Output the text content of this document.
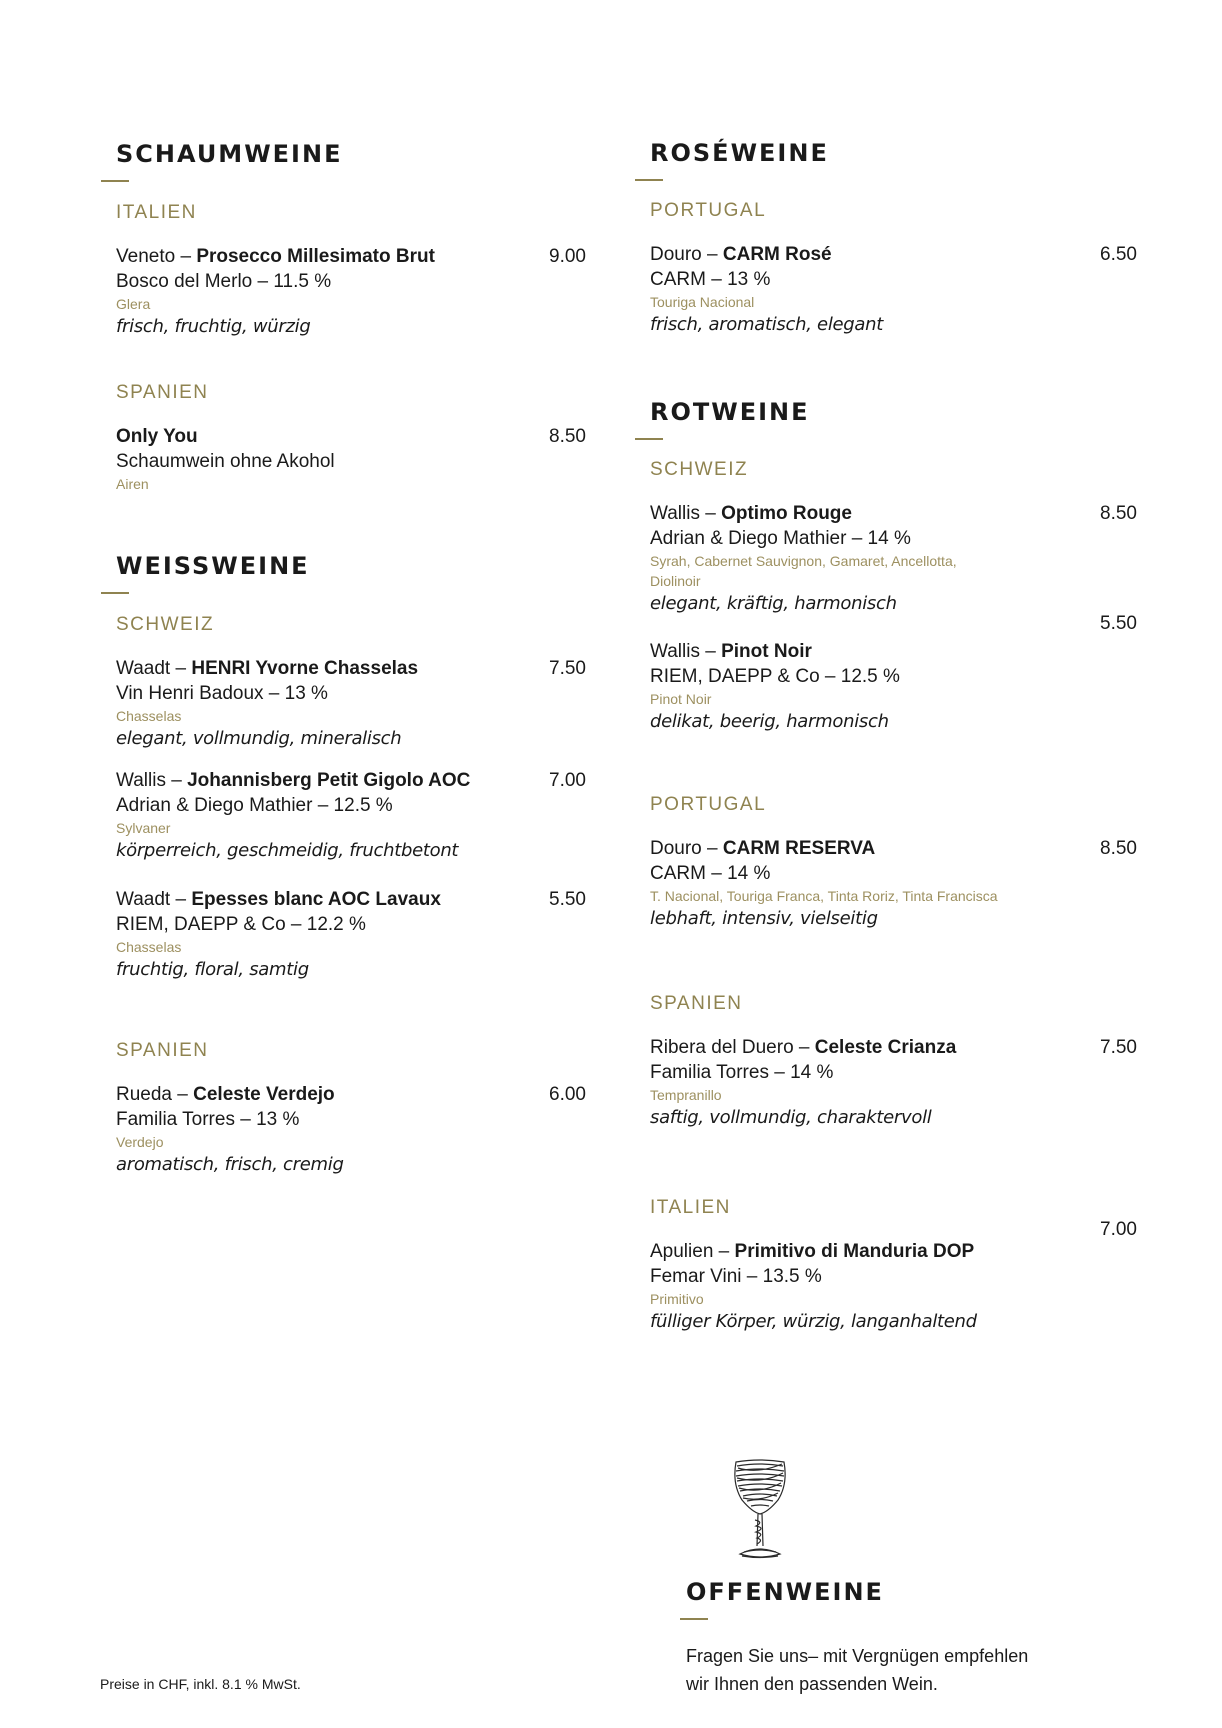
SCHAUMWEINE
ITALIEN
Veneto – Prosecco Millesimato Brut
Bosco del Merlo – 11.5 %
Glera
frisch, fruchtig, würzig
9.00
SPANIEN
Only You
Schaumwein ohne Akohol
Airen
8.50
WEISSWEINE
SCHWEIZ
Waadt – HENRI Yvorne Chasselas
Vin Henri Badoux – 13 %
Chasselas
elegant, vollmundig, mineralisch
7.50
Wallis – Johannisberg Petit Gigolo AOC
Adrian & Diego Mathier – 12.5 %
Sylvaner
körperreich, geschmeidig, fruchtbetont
7.00
Waadt – Epesses blanc AOC Lavaux
RIEM, DAEPP & Co – 12.2 %
Chasselas
fruchtig, floral, samtig
5.50
SPANIEN
Rueda – Celeste Verdejo
Familia Torres – 13 %
Verdejo
aromatisch, frisch, cremig
6.00
ROSÉWEINE
PORTUGAL
Douro – CARM Rosé
CARM – 13 %
Touriga Nacional
frisch, aromatisch, elegant
6.50
ROTWEINE
SCHWEIZ
Wallis – Optimo Rouge
Adrian & Diego Mathier – 14 %
Syrah, Cabernet Sauvignon, Gamaret, Ancellotta, Diolinoir
elegant, kräftig, harmonisch
8.50
Wallis – Pinot Noir
RIEM, DAEPP & Co – 12.5 %
Pinot Noir
delikat, beerig, harmonisch
5.50
PORTUGAL
Douro – CARM RESERVA
CARM – 14 %
T. Nacional, Touriga Franca, Tinta Roriz, Tinta Francisca
lebhaft, intensiv, vielseitig
8.50
SPANIEN
Ribera del Duero – Celeste Crianza
Familia Torres – 14 %
Tempranillo
saftig, vollmundig, charaktervoll
7.50
ITALIEN
Apulien – Primitivo di Manduria DOP
Femar Vini – 13.5 %
Primitivo
fülliger Körper, würzig, langanhaltend
7.00
OFFENWEINE
Fragen Sie uns– mit Vergnügen empfehlen
wir Ihnen den passenden Wein.
Preise in CHF, inkl. 8.1 % MwSt.
